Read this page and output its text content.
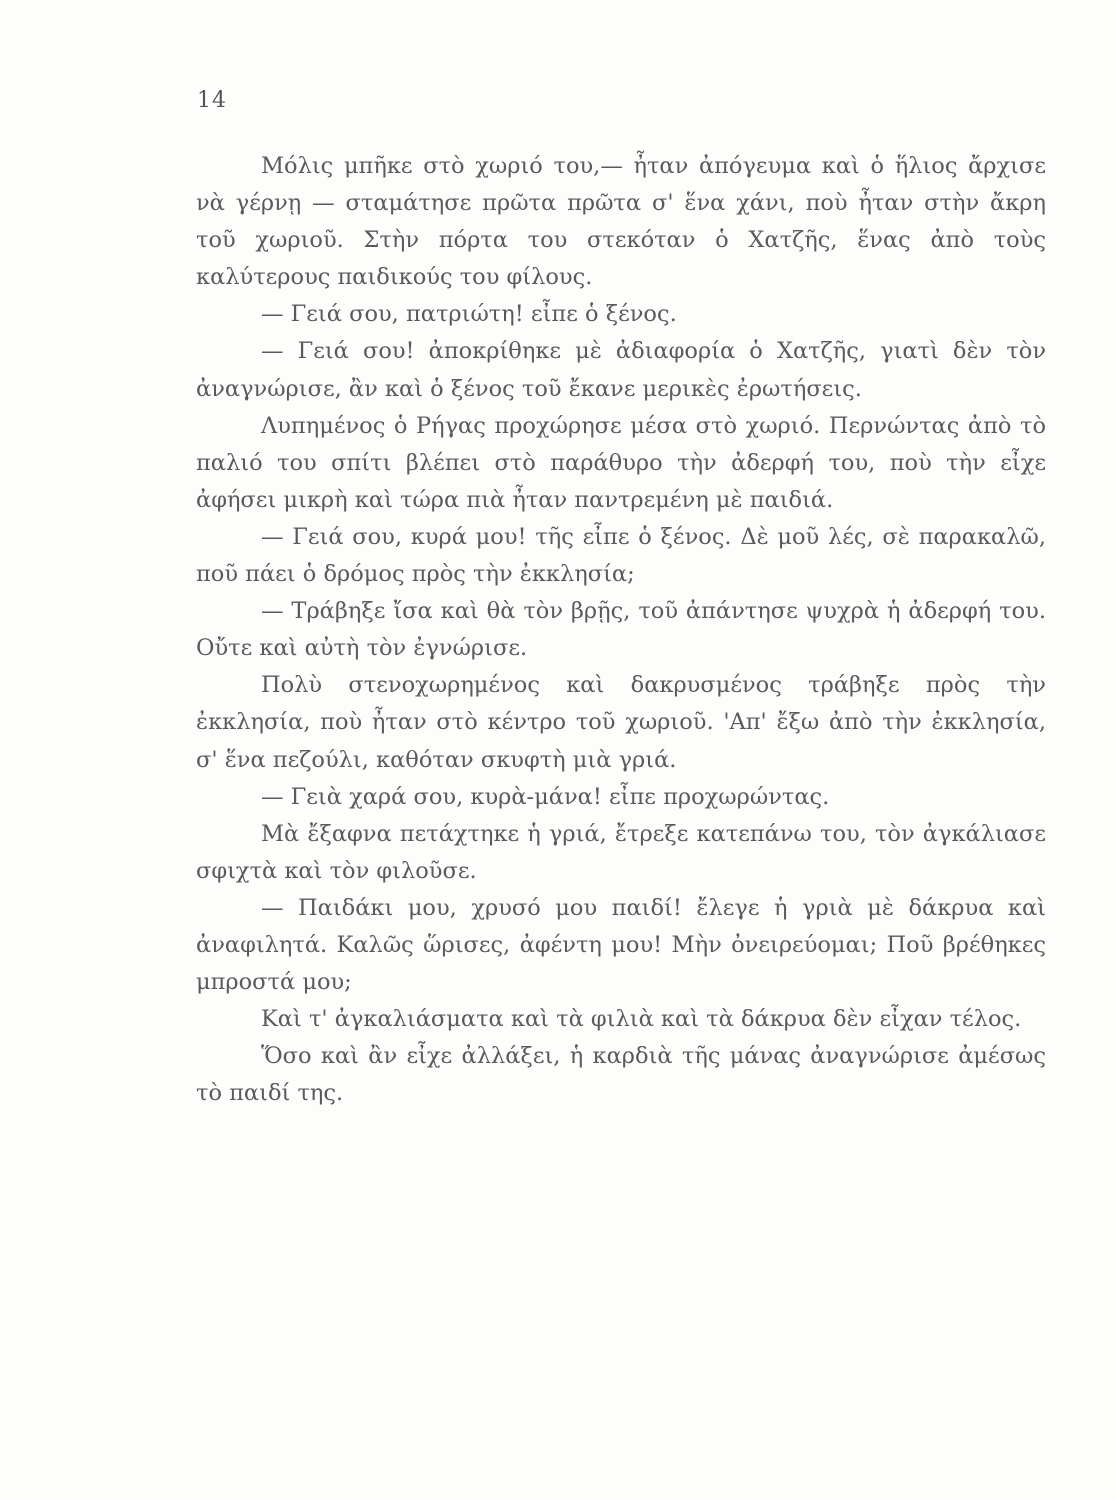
14

Μόλις μπῆκε στὸ χωριό του,— ἦταν ἀπόγευμα καὶ ὁ ἥλιος ἄρχισε νὰ γέρνῃ — σταμάτησε πρῶτα πρῶτα σ' ἕνα χάνι, ποὺ ἦταν στὴν ἄκρη τοῦ χωριοῦ. Στὴν πόρτα του στεκόταν ὁ Χατζῆς, ἕνας ἀπὸ τοὺς καλύτερους παιδικούς του φίλους.

— Γειά σου, πατριώτη! εἶπε ὁ ξένος.

— Γειά σου! ἀποκρίθηκε μὲ ἀδιαφορία ὁ Χατζῆς, γιατὶ δὲν τὸν ἀναγνώρισε, ἂν καὶ ὁ ξένος τοῦ ἔκανε μερικὲς ἐρωτήσεις.

Λυπημένος ὁ Ρήγας προχώρησε μέσα στὸ χωριό. Περνώντας ἀπὸ τὸ παλιό του σπίτι βλέπει στὸ παράθυρο τὴν ἀδερφή του, ποὺ τὴν εἶχε ἀφήσει μικρὴ καὶ τώρα πιὰ ἦταν παντρεμένη μὲ παιδιά.

— Γειά σου, κυρά μου! τῆς εἶπε ὁ ξένος. Δὲ μοῦ λές, σὲ παρακαλῶ, ποῦ πάει ὁ δρόμος πρὸς τὴν ἐκκλησία;

— Τράβηξε ἴσα καὶ θὰ τὸν βρῇς, τοῦ ἀπάντησε ψυχρὰ ἡ ἀδερφή του. Οὔτε καὶ αὐτὴ τὸν ἐγνώρισε.

Πολὺ στενοχωρημένος καὶ δακρυσμένος τράβηξε πρὸς τὴν ἐκκλησία, ποὺ ἦταν στὸ κέντρο τοῦ χωριοῦ. 'Απ' ἔξω ἀπὸ τὴν ἐκκλησία, σ' ἕνα πεζούλι, καθόταν σκυφτὴ μιὰ γριά.

— Γειὰ χαρά σου, κυρὰ-μάνα! εἶπε προχωρώντας.

Μὰ ἔξαφνα πετάχτηκε ἡ γριά, ἔτρεξε κατεπάνω του, τὸν ἀγκάλιασε σφιχτὰ καὶ τὸν φιλοῦσε.

— Παιδάκι μου, χρυσό μου παιδί! ἔλεγε ἡ γριὰ μὲ δάκρυα καὶ ἀναφιλητά. Καλῶς ὥρισες, ἀφέντη μου! Μὴν ὀνειρεύομαι; Ποῦ βρέθηκες μπροστά μου;

Καὶ τ' ἀγκαλιάσματα καὶ τὰ φιλιὰ καὶ τὰ δάκρυα δὲν εἶχαν τέλος.

Ὅσο καὶ ἂν εἶχε ἀλλάξει, ἡ καρδιὰ τῆς μάνας ἀναγνώρισε ἀμέσως τὸ παιδί της.
